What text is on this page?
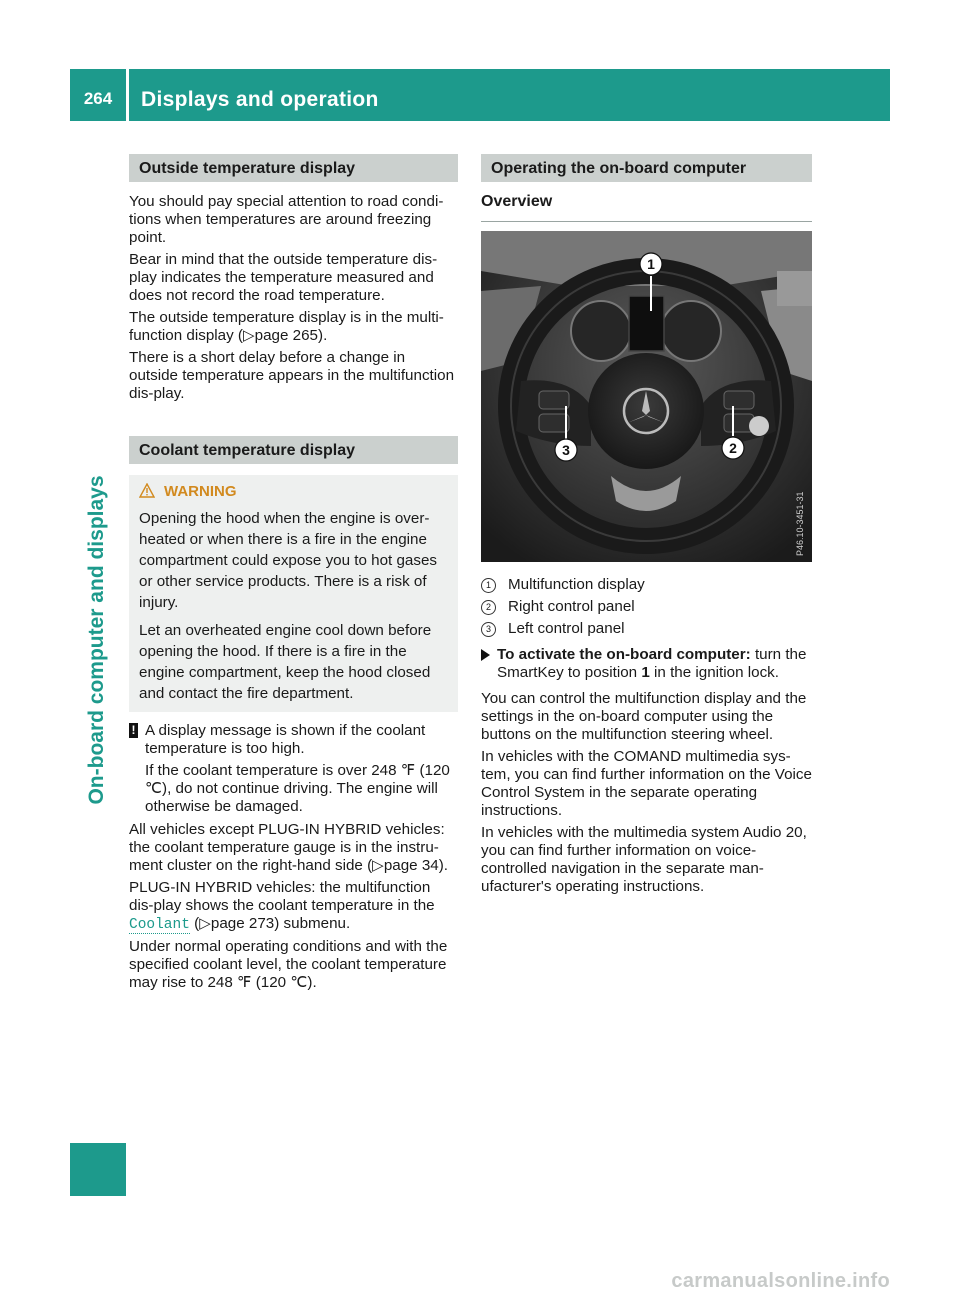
264	Displays and operation
On-board computer and displays
Outside temperature display

You should pay special attention to road condi-tions when temperatures are around freezing point.

Bear in mind that the outside temperature dis-play indicates the temperature measured and does not record the road temperature.

The outside temperature display is in the multi-function display (▷page 265).

There is a short delay before a change in outside temperature appears in the multifunction dis-play.

Coolant temperature display
WARNING

Opening the hood when the engine is over-heated or when there is a fire in the engine compartment could expose you to hot gases or other service products. There is a risk of injury.

Let an overheated engine cool down before opening the hood. If there is a fire in the engine compartment, keep the hood closed and contact the fire department.

! A display message is shown if the coolant temperature is too high.

If the coolant temperature is over 248 ℉ (120 ℃), do not continue driving. The engine will otherwise be damaged.

All vehicles except PLUG-IN HYBRID vehicles: the coolant temperature gauge is in the instru-ment cluster on the right-hand side (▷page 34).

PLUG-IN HYBRID vehicles: the multifunction dis-play shows the coolant temperature in the Coolant (▷page 273) submenu.

Under normal operating conditions and with the specified coolant level, the coolant temperature may rise to 248 ℉ (120 ℃).

Operating the on-board computer
Overview
1
2
3
P46.10-3451-31
1	Multifunction display
2	Right control panel
3	Left control panel
To activate the on-board computer: turn the SmartKey to position 1 in the ignition lock.

You can control the multifunction display and the settings in the on-board computer using the buttons on the multifunction steering wheel.

In vehicles with the COMAND multimedia sys-tem, you can find further information on the Voice Control System in the separate operating instructions.

In vehicles with the multimedia system Audio 20, you can find further information on voice-controlled navigation in the separate man-ufacturer's operating instructions.

carmanualsonline.info
